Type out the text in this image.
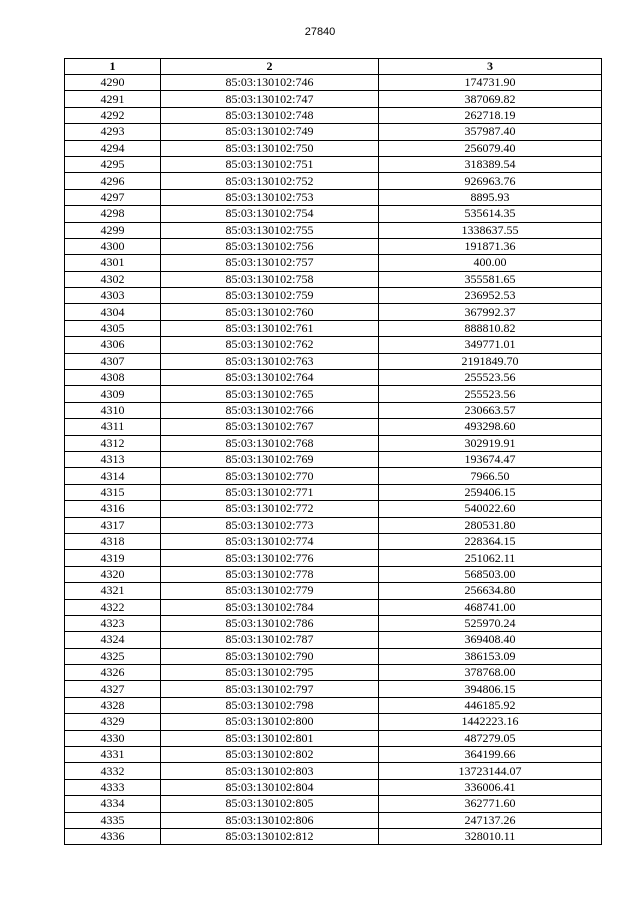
27840
1	2	3
4290	85:03:130102:746	174731.90
4291	85:03:130102:747	387069.82
4292	85:03:130102:748	262718.19
4293	85:03:130102:749	357987.40
4294	85:03:130102:750	256079.40
4295	85:03:130102:751	318389.54
4296	85:03:130102:752	926963.76
4297	85:03:130102:753	8895.93
4298	85:03:130102:754	535614.35
4299	85:03:130102:755	1338637.55
4300	85:03:130102:756	191871.36
4301	85:03:130102:757	400.00
4302	85:03:130102:758	355581.65
4303	85:03:130102:759	236952.53
4304	85:03:130102:760	367992.37
4305	85:03:130102:761	888810.82
4306	85:03:130102:762	349771.01
4307	85:03:130102:763	2191849.70
4308	85:03:130102:764	255523.56
4309	85:03:130102:765	255523.56
4310	85:03:130102:766	230663.57
4311	85:03:130102:767	493298.60
4312	85:03:130102:768	302919.91
4313	85:03:130102:769	193674.47
4314	85:03:130102:770	7966.50
4315	85:03:130102:771	259406.15
4316	85:03:130102:772	540022.60
4317	85:03:130102:773	280531.80
4318	85:03:130102:774	228364.15
4319	85:03:130102:776	251062.11
4320	85:03:130102:778	568503.00
4321	85:03:130102:779	256634.80
4322	85:03:130102:784	468741.00
4323	85:03:130102:786	525970.24
4324	85:03:130102:787	369408.40
4325	85:03:130102:790	386153.09
4326	85:03:130102:795	378768.00
4327	85:03:130102:797	394806.15
4328	85:03:130102:798	446185.92
4329	85:03:130102:800	1442223.16
4330	85:03:130102:801	487279.05
4331	85:03:130102:802	364199.66
4332	85:03:130102:803	13723144.07
4333	85:03:130102:804	336006.41
4334	85:03:130102:805	362771.60
4335	85:03:130102:806	247137.26
4336	85:03:130102:812	328010.11
